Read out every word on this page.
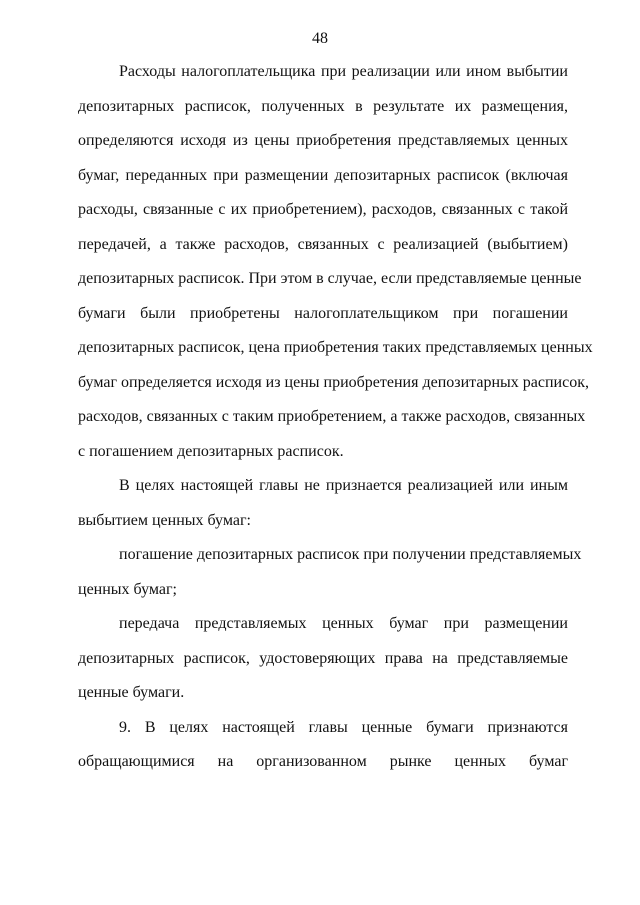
48
Расходы налогоплательщика при реализации или ином выбытии
депозитарных расписок, полученных в результате их размещения,
определяются исходя из цены приобретения представляемых ценных
бумаг, переданных при размещении депозитарных расписок (включая
расходы, связанные с их приобретением), расходов, связанных с такой
передачей, а также расходов, связанных с реализацией (выбытием)
депозитарных расписок. При этом в случае, если представляемые ценные
бумаги были приобретены налогоплательщиком при погашении
депозитарных расписок, цена приобретения таких представляемых ценных
бумаг определяется исходя из цены приобретения депозитарных расписок,
расходов, связанных с таким приобретением, а также расходов, связанных
с погашением депозитарных расписок.
В целях настоящей главы не признается реализацией или иным
выбытием ценных бумаг:
погашение депозитарных расписок при получении представляемых
ценных бумаг;
передача представляемых ценных бумаг при размещении
депозитарных расписок, удостоверяющих права на представляемые
ценные бумаги.
9. В целях настоящей главы ценные бумаги признаются
обращающимися на организованном рынке ценных бумаг
